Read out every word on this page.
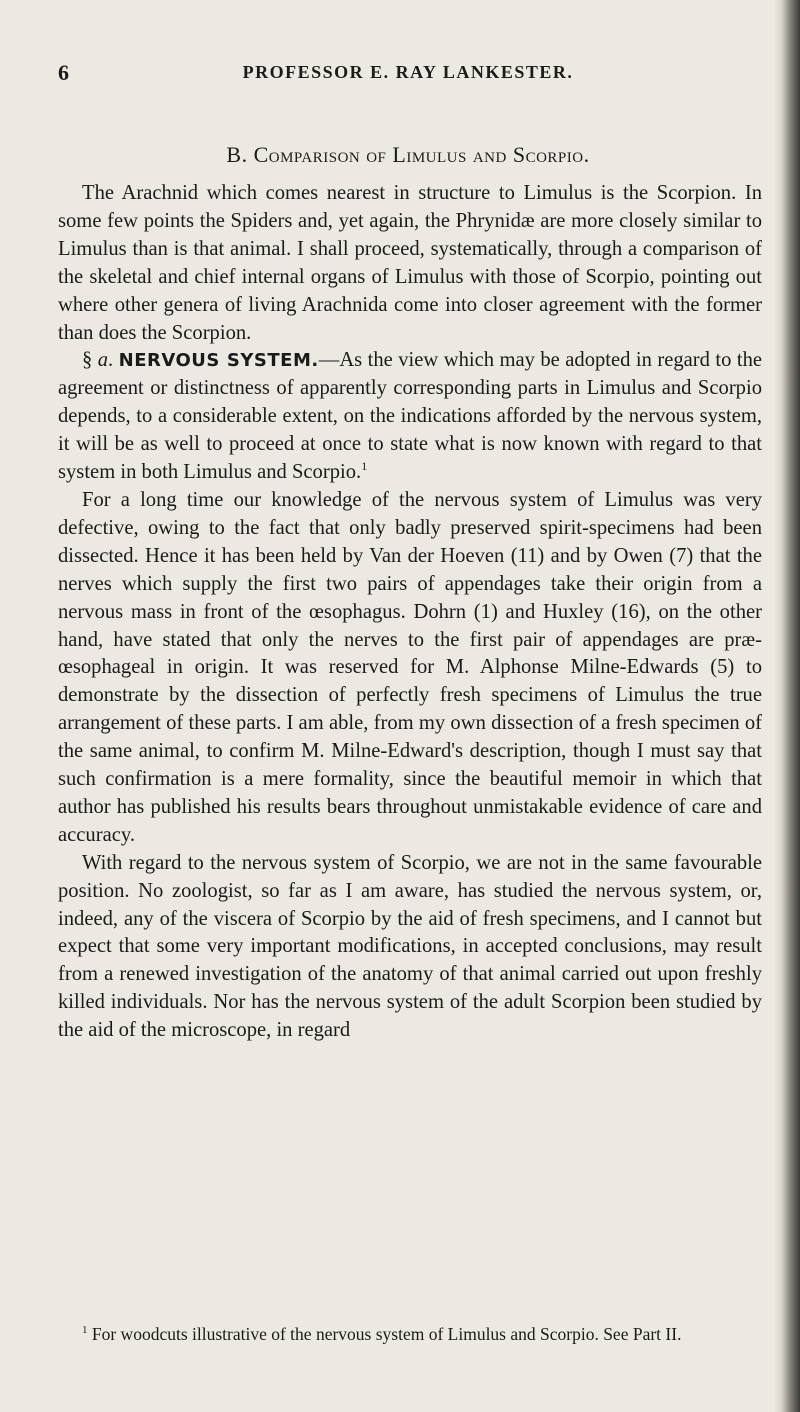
6	PROFESSOR E. RAY LANKESTER.
B. Comparison of Limulus and Scorpio.

The Arachnid which comes nearest in structure to Limulus is the Scorpion. In some few points the Spiders and, yet again, the Phrynidæ are more closely similar to Limulus than is that animal. I shall proceed, systematically, through a comparison of the skeletal and chief internal organs of Limulus with those of Scorpio, pointing out where other genera of living Arachnida come into closer agreement with the former than does the Scorpion.

§ a. NERVOUS SYSTEM.—As the view which may be adopted in regard to the agreement or distinctness of apparently corresponding parts in Limulus and Scorpio depends, to a considerable extent, on the indications afforded by the nervous system, it will be as well to proceed at once to state what is now known with regard to that system in both Limulus and Scorpio.$^1$

For a long time our knowledge of the nervous system of Limulus was very defective, owing to the fact that only badly preserved spirit-specimens had been dissected. Hence it has been held by Van der Hoeven (11) and by Owen (7) that the nerves which supply the first two pairs of appendages take their origin from a nervous mass in front of the œsophagus. Dohrn (1) and Huxley (16), on the other hand, have stated that only the nerves to the first pair of appendages are præ-œsophageal in origin. It was reserved for M. Alphonse Milne-Edwards (5) to demonstrate by the dissection of perfectly fresh specimens of Limulus the true arrangement of these parts. I am able, from my own dissection of a fresh specimen of the same animal, to confirm M. Milne-Edward's description, though I must say that such confirmation is a mere formality, since the beautiful memoir in which that author has published his results bears throughout unmistakable evidence of care and accuracy.

With regard to the nervous system of Scorpio, we are not in the same favourable position. No zoologist, so far as I am aware, has studied the nervous system, or, indeed, any of the viscera of Scorpio by the aid of fresh specimens, and I cannot but expect that some very important modifications, in accepted conclusions, may result from a renewed investigation of the anatomy of that animal carried out upon freshly killed individuals. Nor has the nervous system of the adult Scorpion been studied by the aid of the microscope, in regard

$^1$ For woodcuts illustrative of the nervous system of Limulus and Scorpio. See Part II.
